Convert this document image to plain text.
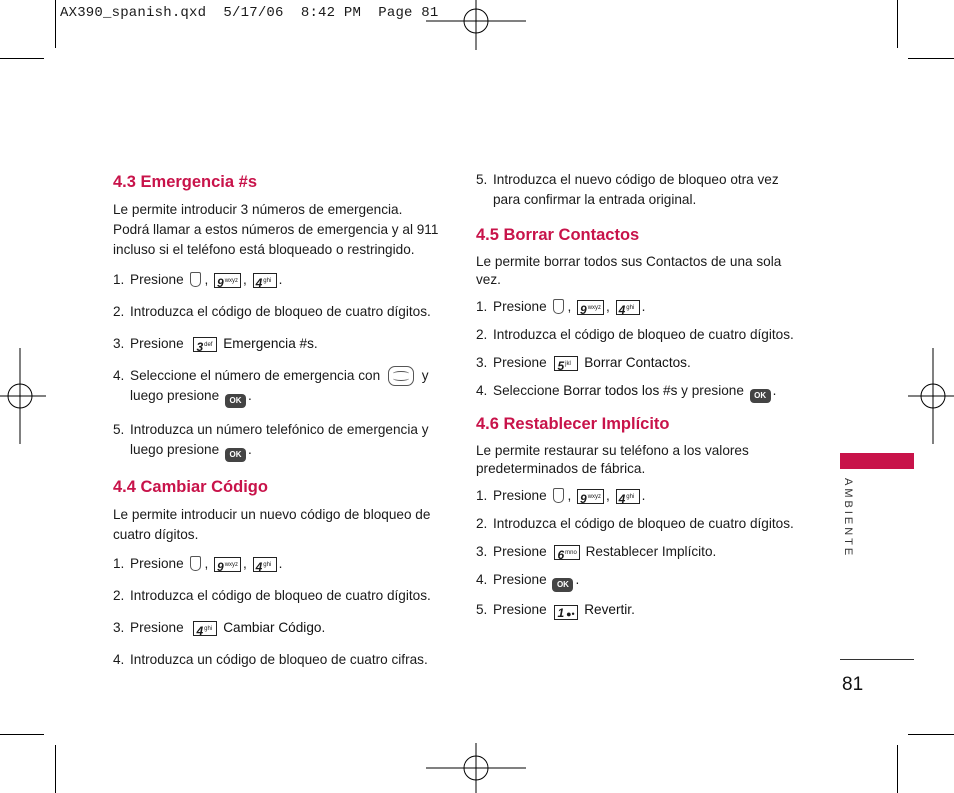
AX390_spanish.qxd  5/17/06  8:42 PM  Page 81
4.3 Emergencia #s

Le permite introducir 3 números de emergencia.

Podrá llamar a estos números de emergencia y al 911

incluso si el teléfono está bloqueado o restringido.

1. Presione , $9^{wxyz}$ , $4^{ghi}$ .
2. Introduzca el código de bloqueo de cuatro dígitos.
3. Presione $3^{def}$ Emergencia #s.
4. Seleccione el número de emergencia con	y
luego presione OK .
5. Introduzca un número telefónico de emergencia y
luego presione OK .
4.4 Cambiar Código

Le permite introducir un nuevo código de bloqueo de

cuatro dígitos.

1. Presione , $9^{wxyz}$ , $4^{ghi}$ .
2. Introduzca el código de bloqueo de cuatro dígitos.
3. Presione $4^{ghi}$ Cambiar Código.
4. Introduzca un código de bloqueo de cuatro cifras.
5. Introduzca el nuevo código de bloqueo otra vez
para confirmar la entrada original.
4.5 Borrar Contactos

Le permite borrar todos sus Contactos de una sola

vez.

1. Presione , $9^{wxyz}$ , $4^{ghi}$ .
2. Introduzca el código de bloqueo de cuatro dígitos.
3. Presione $5^{jkl}$ Borrar Contactos.
4. Seleccione Borrar todos los #s y presione OK .
4.6 Restablecer Implícito

Le permite restaurar su teléfono a los valores

predeterminados de fábrica.

1. Presione , $9^{wxyz}$ , $4^{ghi}$ .
2. Introduzca el código de bloqueo de cuatro dígitos.
3. Presione $6^{mno}$ Restablecer Implícito.
4. Presione OK .
5. Presione 1 ●• Revertir.
AMBIENTE
81
